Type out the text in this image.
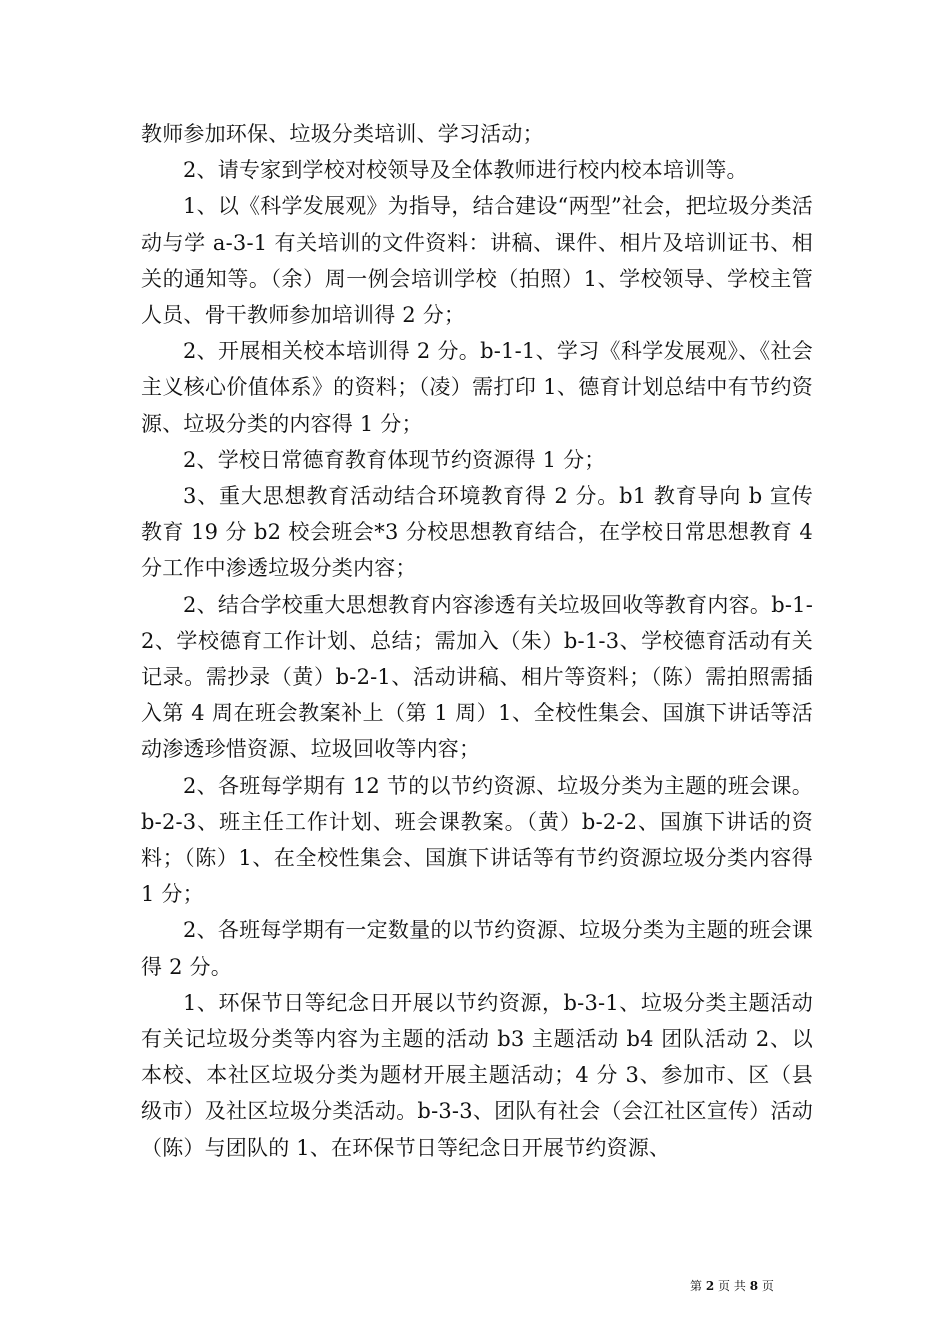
教师参加环保、垃圾分类培训、学习活动；

2、请专家到学校对校领导及全体教师进行校内校本培训等。

1、以《科学发展观》为指导，结合建设“两型”社会，把垃圾分类活动与学 a-3-1 有关培训的文件资料：讲稿、课件、相片及培训证书、相关的通知等。（余）周一例会培训学校（拍照）1、学校领导、学校主管人员、骨干教师参加培训得 2 分；

2、开展相关校本培训得 2 分。b-1-1、学习《科学发展观》、《社会主义核心价值体系》的资料；（凌）需打印 1、德育计划总结中有节约资源、垃圾分类的内容得 1 分；

2、学校日常德育教育体现节约资源得 1 分；

3、重大思想教育活动结合环境教育得 2 分。b1 教育导向 b 宣传教育 19 分 b2 校会班会*3 分校思想教育结合，在学校日常思想教育 4 分工作中渗透垃圾分类内容；

2、结合学校重大思想教育内容渗透有关垃圾回收等教育内容。b-1-2、学校德育工作计划、总结；需加入（朱）b-1-3、学校德育活动有关记录。需抄录（黄）b-2-1、活动讲稿、相片等资料；（陈）需拍照需插入第 4 周在班会教案补上（第 1 周）1、全校性集会、国旗下讲话等活动渗透珍惜资源、垃圾回收等内容；

2、各班每学期有 12 节的以节约资源、垃圾分类为主题的班会课。b-2-3、班主任工作计划、班会课教案。（黄）b-2-2、国旗下讲话的资料；（陈）1、在全校性集会、国旗下讲话等有节约资源垃圾分类内容得 1 分；

2、各班每学期有一定数量的以节约资源、垃圾分类为主题的班会课得 2 分。

1、环保节日等纪念日开展以节约资源，b-3-1、垃圾分类主题活动有关记垃圾分类等内容为主题的活动 b3 主题活动 b4 团队活动 2、以本校、本社区垃圾分类为题材开展主题活动；4 分 3、参加市、区（县级市）及社区垃圾分类活动。b-3-3、团队有社会（会江社区宣传）活动（陈）与团队的 1、在环保节日等纪念日开展节约资源、

第 2 页 共 8 页
